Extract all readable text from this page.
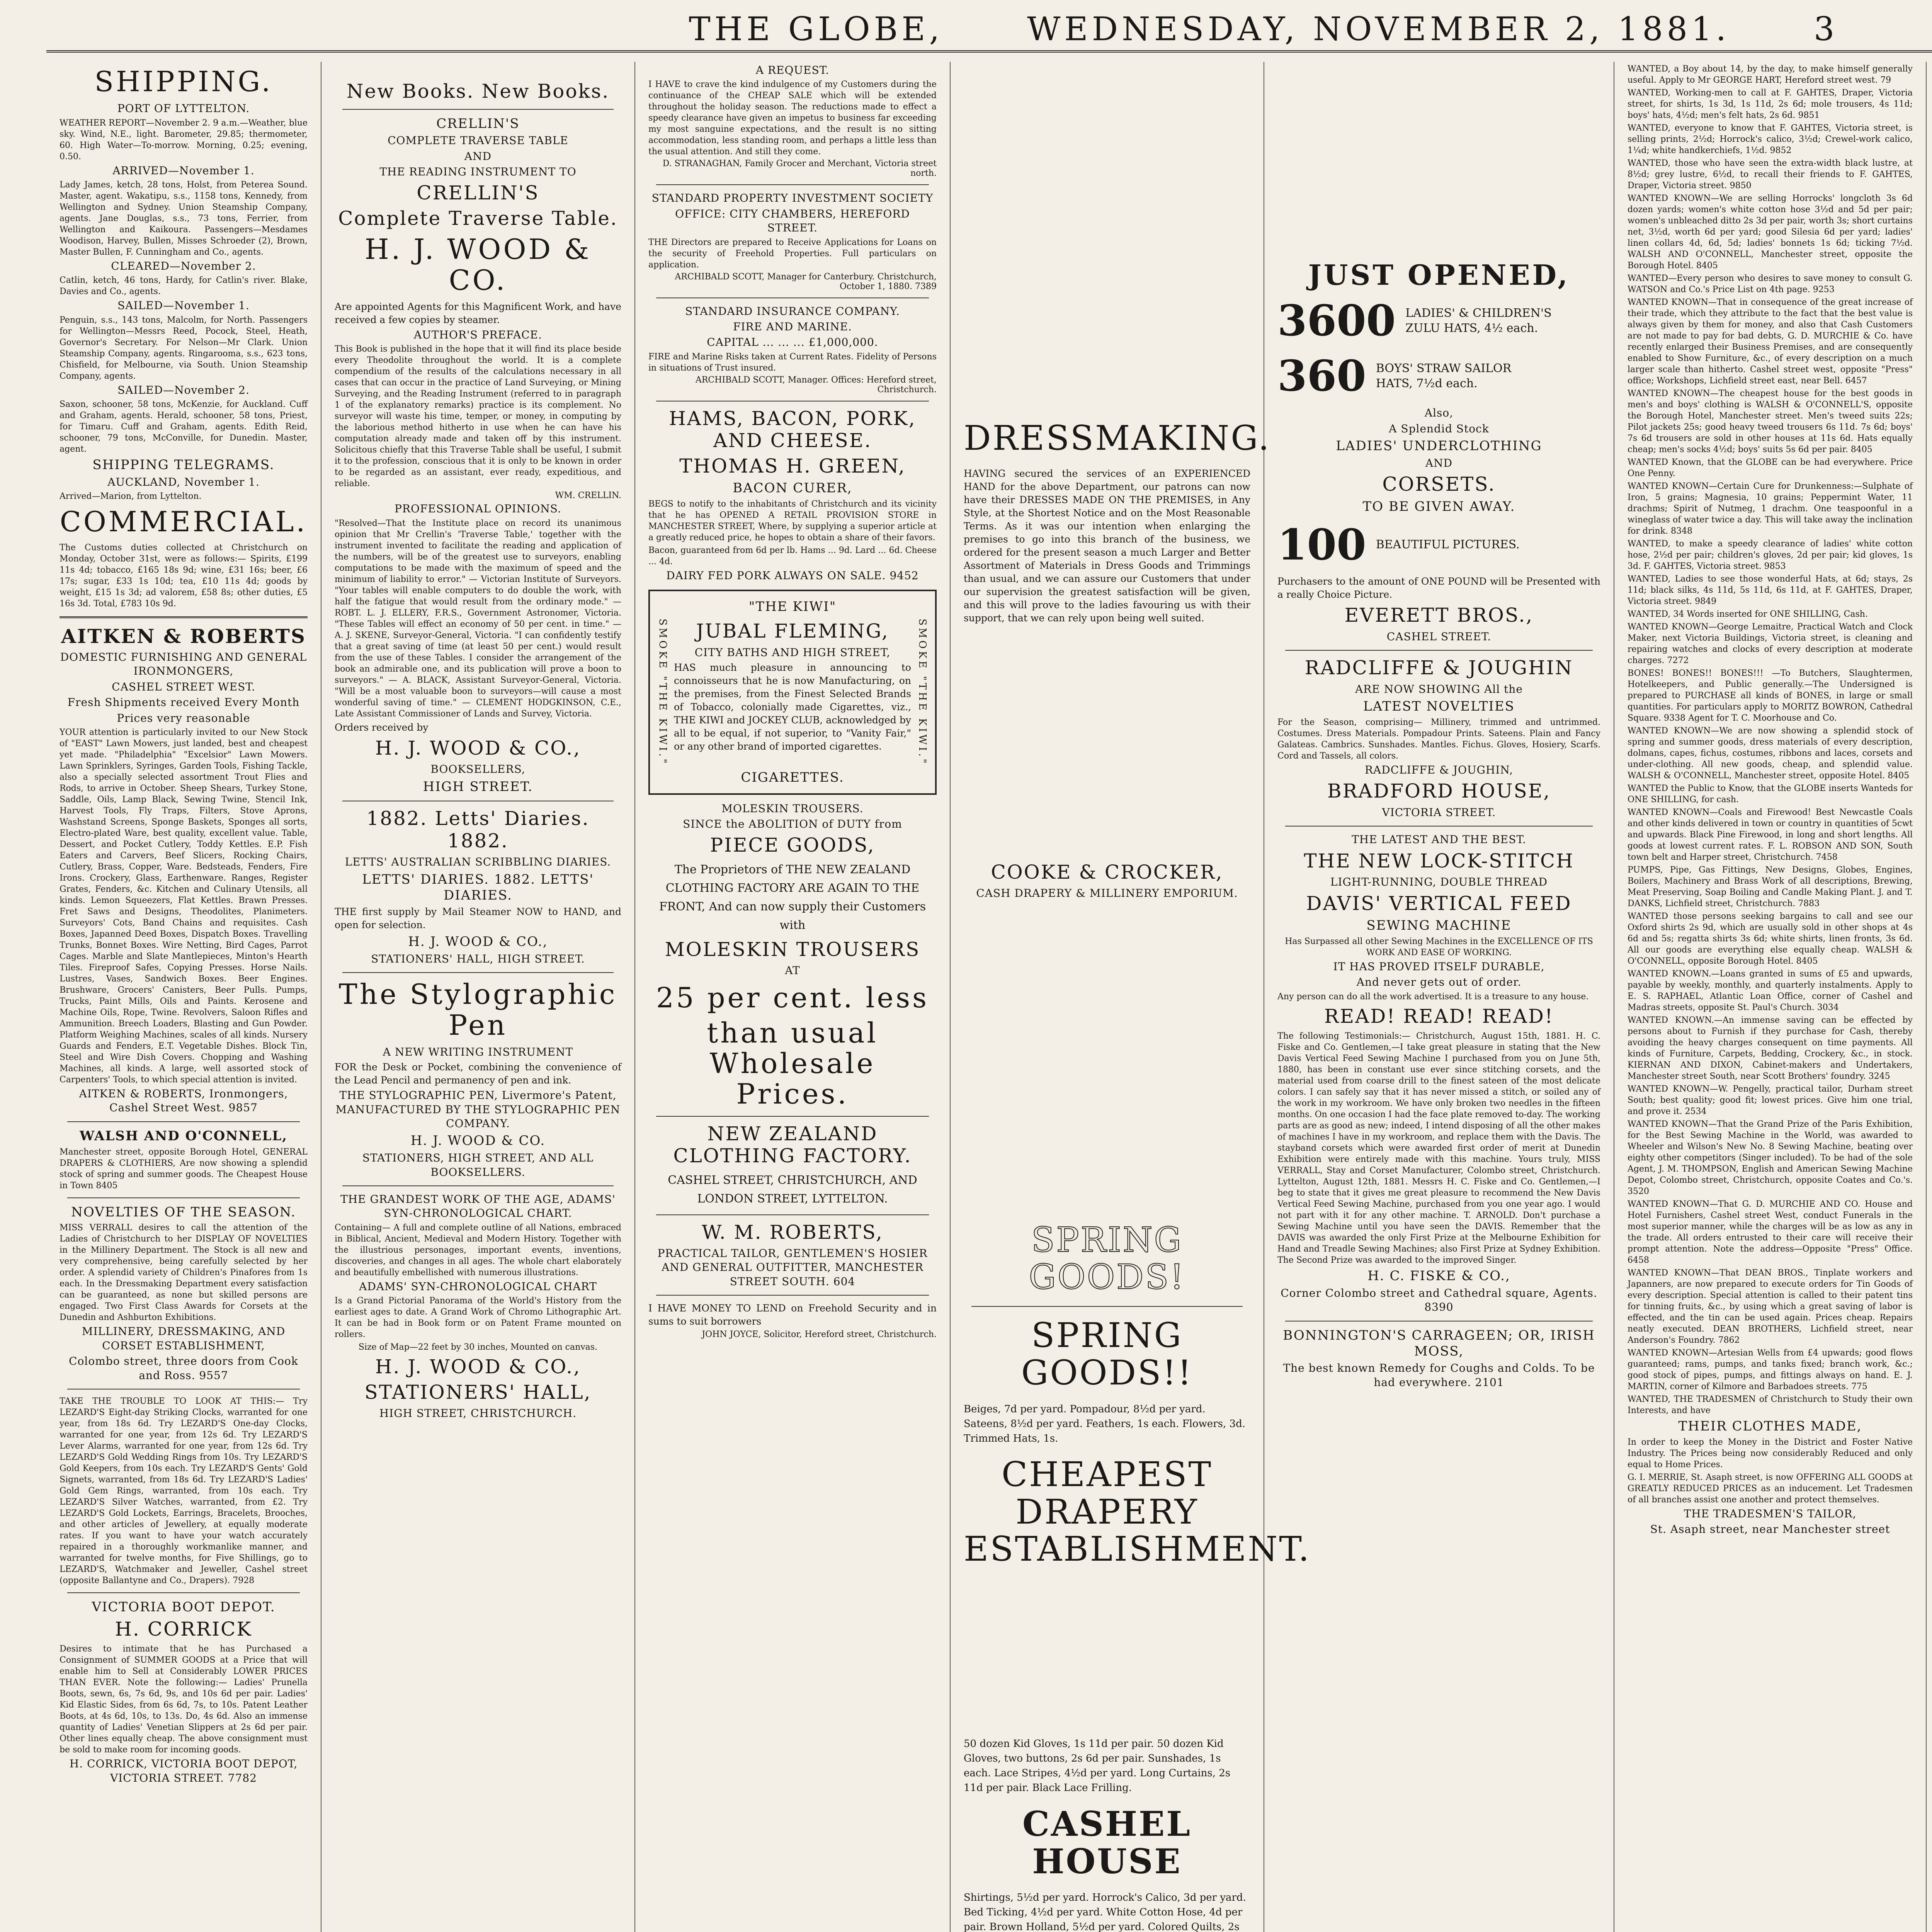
THE GLOBE,	WEDNESDAY, NOVEMBER 2, 1881.	3
SHIPPING.
PORT OF LYTTELTON.
WEATHER REPORT—November 2. 9 a.m.—Weather, blue sky. Wind, N.E., light. Barometer, 29.85; thermometer, 60. High Water—To-morrow. Morning, 0.25; evening, 0.50.
ARRIVED—November 1.
Lady James, ketch, 28 tons, Holst, from Peterea Sound. Master, agent. Wakatipu, s.s., 1158 tons, Kennedy, from Wellington and Sydney. Union Steamship Company, agents. Jane Douglas, s.s., 73 tons, Ferrier, from Wellington and Kaikoura. Passengers—Mesdames Woodison, Harvey, Bullen, Misses Schroeder (2), Brown, Master Bullen, F. Cunningham and Co., agents.
CLEARED—November 2.
Catlin, ketch, 46 tons, Hardy, for Catlin's river. Blake, Davies and Co., agents.
SAILED—November 1.
Penguin, s.s., 143 tons, Malcolm, for North. Passengers for Wellington—Messrs Reed, Pocock, Steel, Heath, Governor's Secretary. For Nelson—Mr Clark. Union Steamship Company, agents. Ringarooma, s.s., 623 tons, Chisfield, for Melbourne, via South. Union Steamship Company, agents.
SAILED—November 2.
Saxon, schooner, 58 tons, McKenzie, for Auckland. Cuff and Graham, agents. Herald, schooner, 58 tons, Priest, for Timaru. Cuff and Graham, agents. Edith Reid, schooner, 79 tons, McConville, for Dunedin. Master, agent.
SHIPPING TELEGRAMS.
AUCKLAND, November 1.
Arrived—Marion, from Lyttelton.
COMMERCIAL.
The Customs duties collected at Christchurch on Monday, October 31st, were as follows:— Spirits, £199 11s 4d; tobacco, £165 18s 9d; wine, £31 16s; beer, £6 17s; sugar, £33 1s 10d; tea, £10 11s 4d; goods by weight, £15 1s 3d; ad valorem, £58 8s; other duties, £5 16s 3d. Total, £783 10s 9d.
AITKEN & ROBERTS
DOMESTIC FURNISHING AND GENERAL IRONMONGERS,
CASHEL STREET WEST.
Fresh Shipments received Every Month
Prices very reasonable
YOUR attention is particularly invited to our New Stock of "EAST" Lawn Mowers, just landed, best and cheapest yet made. "Philadelphia" "Excelsior" Lawn Mowers. Lawn Sprinklers, Syringes, Garden Tools, Fishing Tackle, also a specially selected assortment Trout Flies and Rods, to arrive in October. Sheep Shears, Turkey Stone, Saddle, Oils, Lamp Black, Sewing Twine, Stencil Ink, Harvest Tools, Fly Traps, Filters, Stove Aprons, Washstand Screens, Sponge Baskets, Sponges all sorts, Electro-plated Ware, best quality, excellent value. Table, Dessert, and Pocket Cutlery, Toddy Kettles. E.P. Fish Eaters and Carvers, Beef Slicers, Rocking Chairs, Cutlery, Brass, Copper, Ware. Bedsteads, Fenders, Fire Irons. Crockery, Glass, Earthenware. Ranges, Register Grates, Fenders, &c. Kitchen and Culinary Utensils, all kinds. Lemon Squeezers, Flat Kettles. Brawn Presses. Fret Saws and Designs, Theodolites, Planimeters. Surveyors' Cots, Band Chains and requisites. Cash Boxes, Japanned Deed Boxes, Dispatch Boxes. Travelling Trunks, Bonnet Boxes. Wire Netting, Bird Cages, Parrot Cages. Marble and Slate Mantlepieces, Minton's Hearth Tiles. Fireproof Safes, Copying Presses. Horse Nails. Lustres, Vases, Sandwich Boxes. Beer Engines. Brushware, Grocers' Canisters, Beer Pulls. Pumps, Trucks, Paint Mills, Oils and Paints. Kerosene and Machine Oils, Rope, Twine. Revolvers, Saloon Rifles and Ammunition. Breech Loaders, Blasting and Gun Powder. Platform Weighing Machines, scales of all kinds. Nursery Guards and Fenders, E.T. Vegetable Dishes. Block Tin, Steel and Wire Dish Covers. Chopping and Washing Machines, all kinds. A large, well assorted stock of Carpenters' Tools, to which special attention is invited.
AITKEN & ROBERTS, Ironmongers, Cashel Street West. 9857
WALSH AND O'CONNELL,
Manchester street, opposite Borough Hotel, GENERAL DRAPERS & CLOTHIERS, Are now showing a splendid stock of spring and summer goods. The Cheapest House in Town 8405
NOVELTIES OF THE SEASON.
MISS VERRALL desires to call the attention of the Ladies of Christchurch to her DISPLAY OF NOVELTIES in the Millinery Department. The Stock is all new and very comprehensive, being carefully selected by her order. A splendid variety of Children's Pinafores from 1s each. In the Dressmaking Department every satisfaction can be guaranteed, as none but skilled persons are engaged. Two First Class Awards for Corsets at the Dunedin and Ashburton Exhibitions.
MILLINERY, DRESSMAKING, AND CORSET ESTABLISHMENT,
Colombo street, three doors from Cook and Ross. 9557
TAKE THE TROUBLE TO LOOK AT THIS:— Try LEZARD'S Eight-day Striking Clocks, warranted for one year, from 18s 6d. Try LEZARD'S One-day Clocks, warranted for one year, from 12s 6d. Try LEZARD'S Lever Alarms, warranted for one year, from 12s 6d. Try LEZARD'S Gold Wedding Rings from 10s. Try LEZARD'S Gold Keepers, from 10s each. Try LEZARD'S Gents' Gold Signets, warranted, from 18s 6d. Try LEZARD'S Ladies' Gold Gem Rings, warranted, from 10s each. Try LEZARD'S Silver Watches, warranted, from £2. Try LEZARD'S Gold Lockets, Earrings, Bracelets, Brooches, and other articles of Jewellery, at equally moderate rates. If you want to have your watch accurately repaired in a thoroughly workmanlike manner, and warranted for twelve months, for Five Shillings, go to LEZARD'S, Watchmaker and Jeweller, Cashel street (opposite Ballantyne and Co., Drapers). 7928
VICTORIA BOOT DEPOT.
H. CORRICK
Desires to intimate that he has Purchased a Consignment of SUMMER GOODS at a Price that will enable him to Sell at Considerably LOWER PRICES THAN EVER. Note the following:— Ladies' Prunella Boots, sewn, 6s, 7s 6d, 9s, and 10s 6d per pair. Ladies' Kid Elastic Sides, from 6s 6d, 7s, to 10s. Patent Leather Boots, at 4s 6d, 10s, to 13s. Do, 4s 6d. Also an immense quantity of Ladies' Venetian Slippers at 2s 6d per pair. Other lines equally cheap. The above consignment must be sold to make room for incoming goods.
H. CORRICK, VICTORIA BOOT DEPOT, VICTORIA STREET. 7782
New Books. New Books.
CRELLIN'S
COMPLETE TRAVERSE TABLE
AND
THE READING INSTRUMENT TO
CRELLIN'S
Complete Traverse Table.
H. J. WOOD & CO.
Are appointed Agents for this Magnificent Work, and have received a few copies by steamer.
AUTHOR'S PREFACE.
This Book is published in the hope that it will find its place beside every Theodolite throughout the world. It is a complete compendium of the results of the calculations necessary in all cases that can occur in the practice of Land Surveying, or Mining Surveying, and the Reading Instrument (referred to in paragraph 1 of the explanatory remarks) practice is its complement. No surveyor will waste his time, temper, or money, in computing by the laborious method hitherto in use when he can have his computation already made and taken off by this instrument. Solicitous chiefly that this Traverse Table shall be useful, I submit it to the profession, conscious that it is only to be known in order to be regarded as an assistant, ever ready, expeditious, and reliable.
WM. CRELLIN.
PROFESSIONAL OPINIONS.
"Resolved—That the Institute place on record its unanimous opinion that Mr Crellin's 'Traverse Table,' together with the instrument invented to facilitate the reading and application of the numbers, will be of the greatest use to surveyors, enabling computations to be made with the maximum of speed and the minimum of liability to error." — Victorian Institute of Surveyors. "Your tables will enable computers to do double the work, with half the fatigue that would result from the ordinary mode." — ROBT. L. J. ELLERY, F.R.S., Government Astronomer, Victoria. "These Tables will effect an economy of 50 per cent. in time." — A. J. SKENE, Surveyor-General, Victoria. "I can confidently testify that a great saving of time (at least 50 per cent.) would result from the use of these Tables. I consider the arrangement of the book an admirable one, and its publication will prove a boon to surveyors." — A. BLACK, Assistant Surveyor-General, Victoria. "Will be a most valuable boon to surveyors—will cause a most wonderful saving of time." — CLEMENT HODGKINSON, C.E., Late Assistant Commissioner of Lands and Survey, Victoria.
Orders received by
H. J. WOOD & CO.,
BOOKSELLERS,
HIGH STREET.
1882. Letts' Diaries. 1882.
LETTS' AUSTRALIAN SCRIBBLING DIARIES.
LETTS' DIARIES. 1882. LETTS' DIARIES.
THE first supply by Mail Steamer NOW to HAND, and open for selection.
H. J. WOOD & CO.,
STATIONERS' HALL, HIGH STREET.
The Stylographic Pen
A NEW WRITING INSTRUMENT
FOR the Desk or Pocket, combining the convenience of the Lead Pencil and permanency of pen and ink.
THE STYLOGRAPHIC PEN, Livermore's Patent, MANUFACTURED BY THE STYLOGRAPHIC PEN COMPANY.
H. J. WOOD & CO.
STATIONERS, HIGH STREET, AND ALL BOOKSELLERS.
THE GRANDEST WORK OF THE AGE, ADAMS' SYN-CHRONOLOGICAL CHART.
Containing— A full and complete outline of all Nations, embraced in Biblical, Ancient, Medieval and Modern History. Together with the illustrious personages, important events, inventions, discoveries, and changes in all ages. The whole chart elaborately and beautifully embellished with numerous illustrations.
ADAMS' SYN-CHRONOLOGICAL CHART
Is a Grand Pictorial Panorama of the World's History from the earliest ages to date. A Grand Work of Chromo Lithographic Art. It can be had in Book form or on Patent Frame mounted on rollers.
Size of Map—22 feet by 30 inches, Mounted on canvas.
H. J. WOOD & CO.,
STATIONERS' HALL,
HIGH STREET, CHRISTCHURCH.
A REQUEST.
I HAVE to crave the kind indulgence of my Customers during the continuance of the CHEAP SALE which will be extended throughout the holiday season. The reductions made to effect a speedy clearance have given an impetus to business far exceeding my most sanguine expectations, and the result is no sitting accommodation, less standing room, and perhaps a little less than the usual attention. And still they come.
D. STRANAGHAN, Family Grocer and Merchant, Victoria street north.
STANDARD PROPERTY INVESTMENT SOCIETY
OFFICE: CITY CHAMBERS, HEREFORD STREET.
THE Directors are prepared to Receive Applications for Loans on the security of Freehold Properties. Full particulars on application.
ARCHIBALD SCOTT, Manager for Canterbury. Christchurch, October 1, 1880. 7389
STANDARD INSURANCE COMPANY.
FIRE AND MARINE.
CAPITAL ... ... ... £1,000,000.
FIRE and Marine Risks taken at Current Rates. Fidelity of Persons in situations of Trust insured.
ARCHIBALD SCOTT, Manager. Offices: Hereford street, Christchurch.
HAMS, BACON, PORK, AND CHEESE.
THOMAS H. GREEN,
BACON CURER,
BEGS to notify to the inhabitants of Christchurch and its vicinity that he has OPENED A RETAIL PROVISION STORE in MANCHESTER STREET, Where, by supplying a superior article at a greatly reduced price, he hopes to obtain a share of their favors.
Bacon, guaranteed from 6d per lb. Hams ... 9d. Lard ... 6d. Cheese ... 4d.
DAIRY FED PORK ALWAYS ON SALE. 9452
"THE KIWI"
SMOKE "THE KIWI."	JUBAL FLEMING,
CITY BATHS AND HIGH STREET,
HAS much pleasure in announcing to connoisseurs that he is now Manufacturing, on the premises, from the Finest Selected Brands of Tobacco, colonially made Cigarettes, viz., THE KIWI and JOCKEY CLUB, acknowledged by all to be equal, if not superior, to "Vanity Fair," or any other brand of imported cigarettes.	SMOKE "THE KIWI."
CIGARETTES.
MOLESKIN TROUSERS.
SINCE the ABOLITION of DUTY from
PIECE GOODS,
The Proprietors of THE NEW ZEALAND CLOTHING FACTORY ARE AGAIN TO THE FRONT, And can now supply their Customers with
MOLESKIN TROUSERS
AT
25 per cent. less
than usual Wholesale Prices.
NEW ZEALAND CLOTHING FACTORY.
CASHEL STREET, CHRISTCHURCH, AND LONDON STREET, LYTTELTON.
W. M. ROBERTS,
PRACTICAL TAILOR, GENTLEMEN'S HOSIER AND GENERAL OUTFITTER, MANCHESTER STREET SOUTH. 604
I HAVE MONEY TO LEND on Freehold Security and in sums to suit borrowers
JOHN JOYCE, Solicitor, Hereford street, Christchurch.
DRESSMAKING.
HAVING secured the services of an EXPERIENCED HAND for the above Department, our patrons can now have their DRESSES MADE ON THE PREMISES, in Any Style, at the Shortest Notice and on the Most Reasonable Terms. As it was our intention when enlarging the premises to go into this branch of the business, we ordered for the present season a much Larger and Better Assortment of Materials in Dress Goods and Trimmings than usual, and we can assure our Customers that under our supervision the greatest satisfaction will be given, and this will prove to the ladies favouring us with their support, that we can rely upon being well suited.
COOKE & CROCKER,
CASH DRAPERY & MILLINERY EMPORIUM.
SPRING GOODS!
SPRING GOODS!!
Beiges, 7d per yard. Pompadour, 8½d per yard. Sateens, 8½d per yard. Feathers, 1s each. Flowers, 3d. Trimmed Hats, 1s.
CHEAPEST DRAPERY ESTABLISHMENT.
50 dozen Kid Gloves, 1s 11d per pair. 50 dozen Kid Gloves, two buttons, 2s 6d per pair. Sunshades, 1s each. Lace Stripes, 4½d per yard. Long Curtains, 2s 11d per pair. Black Lace Frilling.
CASHEL HOUSE
Shirtings, 5½d per yard. Horrock's Calico, 3d per yard. Bed Ticking, 4½d per yard. White Cotton Hose, 4d per pair. Brown Holland, 5½d per yard. Colored Quilts, 2s
JUST OPENED,
3600 LADIES' & CHILDREN'S ZULU HATS, 4½ each.
360 BOYS' STRAW SAILOR HATS, 7½d each.
Also,
A Splendid Stock
LADIES' UNDERCLOTHING
AND
CORSETS.
TO BE GIVEN AWAY.
100 BEAUTIFUL PICTURES.
Purchasers to the amount of ONE POUND will be Presented with a really Choice Picture.
EVERETT BROS.,
CASHEL STREET.
RADCLIFFE & JOUGHIN
ARE NOW SHOWING All the
LATEST NOVELTIES
For the Season, comprising— Millinery, trimmed and untrimmed. Costumes. Dress Materials. Pompadour Prints. Sateens. Plain and Fancy Galateas. Cambrics. Sunshades. Mantles. Fichus. Gloves, Hosiery, Scarfs. Cord and Tassels, all colors.
RADCLIFFE & JOUGHIN,
BRADFORD HOUSE,
VICTORIA STREET.
THE LATEST AND THE BEST.
THE NEW LOCK-STITCH
LIGHT-RUNNING, DOUBLE THREAD
DAVIS' VERTICAL FEED
SEWING MACHINE
Has Surpassed all other Sewing Machines in the EXCELLENCE OF ITS WORK AND EASE OF WORKING.
IT HAS PROVED ITSELF DURABLE,
And never gets out of order.
Any person can do all the work advertised. It is a treasure to any house.
READ! READ! READ!
The following Testimonials:— Christchurch, August 15th, 1881. H. C. Fiske and Co. Gentlemen,—I take great pleasure in stating that the New Davis Vertical Feed Sewing Machine I purchased from you on June 5th, 1880, has been in constant use ever since stitching corsets, and the material used from coarse drill to the finest sateen of the most delicate colors. I can safely say that it has never missed a stitch, or soiled any of the work in my workroom. We have only broken two needles in the fifteen months. On one occasion I had the face plate removed to-day. The working parts are as good as new; indeed, I intend disposing of all the other makes of machines I have in my workroom, and replace them with the Davis. The stayband corsets which were awarded first order of merit at Dunedin Exhibition were entirely made with this machine. Yours truly, MISS VERRALL, Stay and Corset Manufacturer, Colombo street, Christchurch. Lyttelton, August 12th, 1881. Messrs H. C. Fiske and Co. Gentlemen,—I beg to state that it gives me great pleasure to recommend the New Davis Vertical Feed Sewing Machine, purchased from you one year ago. I would not part with it for any other machine. T. ARNOLD. Don't purchase a Sewing Machine until you have seen the DAVIS. Remember that the DAVIS was awarded the only First Prize at the Melbourne Exhibition for Hand and Treadle Sewing Machines; also First Prize at Sydney Exhibition. The Second Prize was awarded to the improved Singer.
H. C. FISKE & CO.,
Corner Colombo street and Cathedral square, Agents. 8390
BONNINGTON'S CARRAGEEN; OR, IRISH MOSS,
The best known Remedy for Coughs and Colds. To be had everywhere. 2101
WANTED, a Boy about 14, by the day, to make himself generally useful. Apply to Mr GEORGE HART, Hereford street west. 79
WANTED, Working-men to call at F. GAHTES, Draper, Victoria street, for shirts, 1s 3d, 1s 11d, 2s 6d; mole trousers, 4s 11d; boys' hats, 4½d; men's felt hats, 2s 6d. 9851
WANTED, everyone to know that F. GAHTES, Victoria street, is selling prints, 2½d; Horrock's calico, 3½d; Crewel-work calico, 1¼d; white handkerchiefs, 1½d. 9852
WANTED, those who have seen the extra-width black lustre, at 8½d; grey lustre, 6½d, to recall their friends to F. GAHTES, Draper, Victoria street. 9850
WANTED KNOWN—We are selling Horrocks' longcloth 3s 6d dozen yards; women's white cotton hose 3½d and 5d per pair; women's unbleached ditto 2s 3d per pair, worth 3s; short curtains net, 3½d, worth 6d per yard; good Silesia 6d per yard; ladies' linen collars 4d, 6d, 5d; ladies' bonnets 1s 6d; ticking 7½d. WALSH AND O'CONNELL, Manchester street, opposite the Borough Hotel. 8405
WANTED—Every person who desires to save money to consult G. WATSON and Co.'s Price List on 4th page. 9253
WANTED KNOWN—That in consequence of the great increase of their trade, which they attribute to the fact that the best value is always given by them for money, and also that Cash Customers are not made to pay for bad debts, G. D. MURCHIE & Co. have recently enlarged their Business Premises, and are consequently enabled to Show Furniture, &c., of every description on a much larger scale than hitherto. Cashel street west, opposite "Press" office; Workshops, Lichfield street east, near Bell. 6457
WANTED KNOWN—The cheapest house for the best goods in men's and boys' clothing is WALSH & O'CONNELL'S, opposite the Borough Hotel, Manchester street. Men's tweed suits 22s; Pilot jackets 25s; good heavy tweed trousers 6s 11d. 7s 6d; boys' 7s 6d trousers are sold in other houses at 11s 6d. Hats equally cheap; men's socks 4½d; boys' suits 5s 6d per pair. 8405
WANTED Known, that the GLOBE can be had everywhere. Price One Penny.
WANTED KNOWN—Certain Cure for Drunkenness:—Sulphate of Iron, 5 grains; Magnesia, 10 grains; Peppermint Water, 11 drachms; Spirit of Nutmeg, 1 drachm. One teaspoonful in a wineglass of water twice a day. This will take away the inclination for drink. 8348
WANTED, to make a speedy clearance of ladies' white cotton hose, 2½d per pair; children's gloves, 2d per pair; kid gloves, 1s 3d. F. GAHTES, Victoria street. 9853
WANTED, Ladies to see those wonderful Hats, at 6d; stays, 2s 11d; black silks, 4s 11d, 5s 11d, 6s 11d, at F. GAHTES, Draper, Victoria street. 9849
WANTED, 34 Words inserted for ONE SHILLING, Cash.
WANTED KNOWN—George Lemaitre, Practical Watch and Clock Maker, next Victoria Buildings, Victoria street, is cleaning and repairing watches and clocks of every description at moderate charges. 7272
BONES! BONES!! BONES!!! —To Butchers, Slaughtermen, Hotelkeepers, and Public generally.—The Undersigned is prepared to PURCHASE all kinds of BONES, in large or small quantities. For particulars apply to MORITZ BOWRON, Cathedral Square. 9338 Agent for T. C. Moorhouse and Co.
WANTED KNOWN—We are now showing a splendid stock of spring and summer goods, dress materials of every description, dolmans, capes, fichus, costumes, ribbons and laces, corsets and under-clothing. All new goods, cheap, and splendid value. WALSH & O'CONNELL, Manchester street, opposite Hotel. 8405
WANTED the Public to Know, that the GLOBE inserts Wanteds for ONE SHILLING, for cash.
WANTED KNOWN—Coals and Firewood! Best Newcastle Coals and other kinds delivered in town or country in quantities of 5cwt and upwards. Black Pine Firewood, in long and short lengths. All goods at lowest current rates. F. L. ROBSON AND SON, South town belt and Harper street, Christchurch. 7458
PUMPS, Pipe, Gas Fittings, New Designs, Globes, Engines, Boilers, Machinery and Brass Work of all descriptions, Brewing, Meat Preserving, Soap Boiling and Candle Making Plant. J. and T. DANKS, Lichfield street, Christchurch. 7883
WANTED those persons seeking bargains to call and see our Oxford shirts 2s 9d, which are usually sold in other shops at 4s 6d and 5s; regatta shirts 3s 6d; white shirts, linen fronts, 3s 6d. All our goods are everything else equally cheap. WALSH & O'CONNELL, opposite Borough Hotel. 8405
WANTED KNOWN.—Loans granted in sums of £5 and upwards, payable by weekly, monthly, and quarterly instalments. Apply to E. S. RAPHAEL, Atlantic Loan Office, corner of Cashel and Madras streets, opposite St. Paul's Church. 3034
WANTED KNOWN.—An immense saving can be effected by persons about to Furnish if they purchase for Cash, thereby avoiding the heavy charges consequent on time payments. All kinds of Furniture, Carpets, Bedding, Crockery, &c., in stock. KIERNAN AND DIXON, Cabinet-makers and Undertakers, Manchester street South, near Scott Brothers' foundry. 3245
WANTED KNOWN—W. Pengelly, practical tailor, Durham street South; best quality; good fit; lowest prices. Give him one trial, and prove it. 2534
WANTED KNOWN—That the Grand Prize of the Paris Exhibition, for the Best Sewing Machine in the World, was awarded to Wheeler and Wilson's New No. 8 Sewing Machine, beating over eighty other competitors (Singer included). To be had of the sole Agent, J. M. THOMPSON, English and American Sewing Machine Depot, Colombo street, Christchurch, opposite Coates and Co.'s. 3520
WANTED KNOWN—That G. D. MURCHIE AND CO. House and Hotel Furnishers, Cashel street West, conduct Funerals in the most superior manner, while the charges will be as low as any in the trade. All orders entrusted to their care will receive their prompt attention. Note the address—Opposite "Press" Office. 6458
WANTED KNOWN—That DEAN BROS., Tinplate workers and Japanners, are now prepared to execute orders for Tin Goods of every description. Special attention is called to their patent tins for tinning fruits, &c., by using which a great saving of labor is effected, and the tin can be used again. Prices cheap. Repairs neatly executed. DEAN BROTHERS, Lichfield street, near Anderson's Foundry. 7862
WANTED KNOWN—Artesian Wells from £4 upwards; good flows guaranteed; rams, pumps, and tanks fixed; branch work, &c.; good stock of pipes, pumps, and fittings always on hand. E. J. MARTIN, corner of Kilmore and Barbadoes streets. 775
WANTED, THE TRADESMEN of Christchurch to Study their own Interests, and have
THEIR CLOTHES MADE,
In order to keep the Money in the District and Foster Native Industry. The Prices being now considerably Reduced and only equal to Home Prices.
G. I. MERRIE, St. Asaph street, is now OFFERING ALL GOODS at GREATLY REDUCED PRICES as an inducement. Let Tradesmen of all branches assist one another and protect themselves.
THE TRADESMEN'S TAILOR,
St. Asaph street, near Manchester street
